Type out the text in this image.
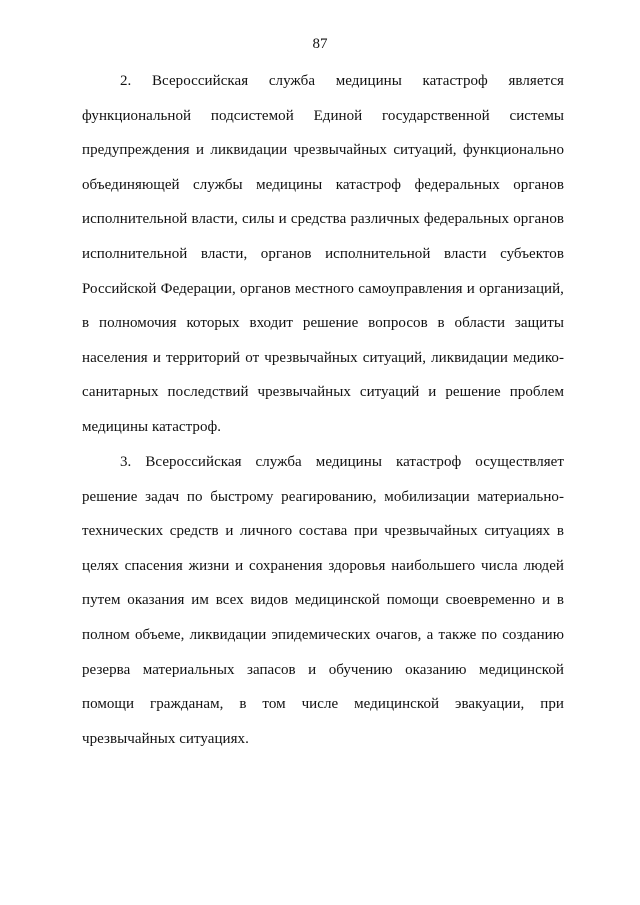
87

2. Всероссийская служба медицины катастроф является функциональной подсистемой Единой государственной системы предупреждения и ликвидации чрезвычайных ситуаций, функционально объединяющей службы медицины катастроф федеральных органов исполнительной власти, силы и средства различных федеральных органов исполнительной власти, органов исполнительной власти субъектов Российской Федерации, органов местного самоуправления и организаций, в полномочия которых входит решение вопросов в области защиты населения и территорий от чрезвычайных ситуаций, ликвидации медико-санитарных последствий чрезвычайных ситуаций и решение проблем медицины катастроф.

3. Всероссийская служба медицины катастроф осуществляет решение задач по быстрому реагированию, мобилизации материально-технических средств и личного состава при чрезвычайных ситуациях в целях спасения жизни и сохранения здоровья наибольшего числа людей путем оказания им всех видов медицинской помощи своевременно и в полном объеме, ликвидации эпидемических очагов, а также по созданию резерва материальных запасов и обучению оказанию медицинской помощи гражданам, в том числе медицинской эвакуации, при чрезвычайных ситуациях.
